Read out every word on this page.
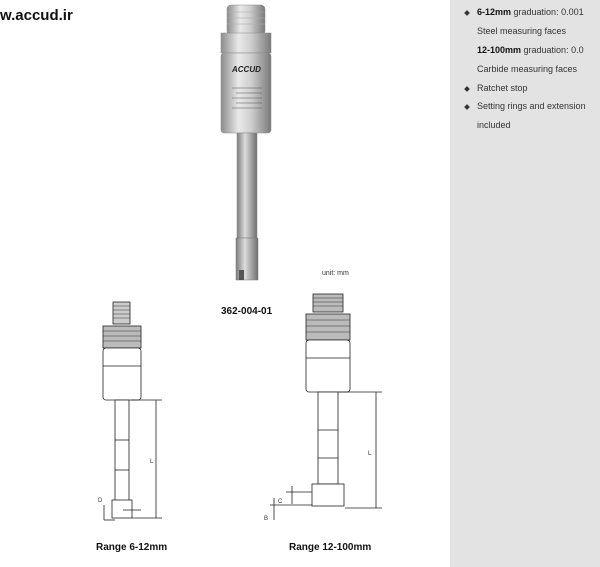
w.accud.ir
ACCUD
L
D
L
C
B
362-004-01
unit: mm
Range 6-12mm	Range 12-100mm
6-12mm graduation: 0.001
Steel measuring faces
12-100mm graduation: 0.0
Carbide measuring faces
Ratchet stop
Setting rings and extension
included
